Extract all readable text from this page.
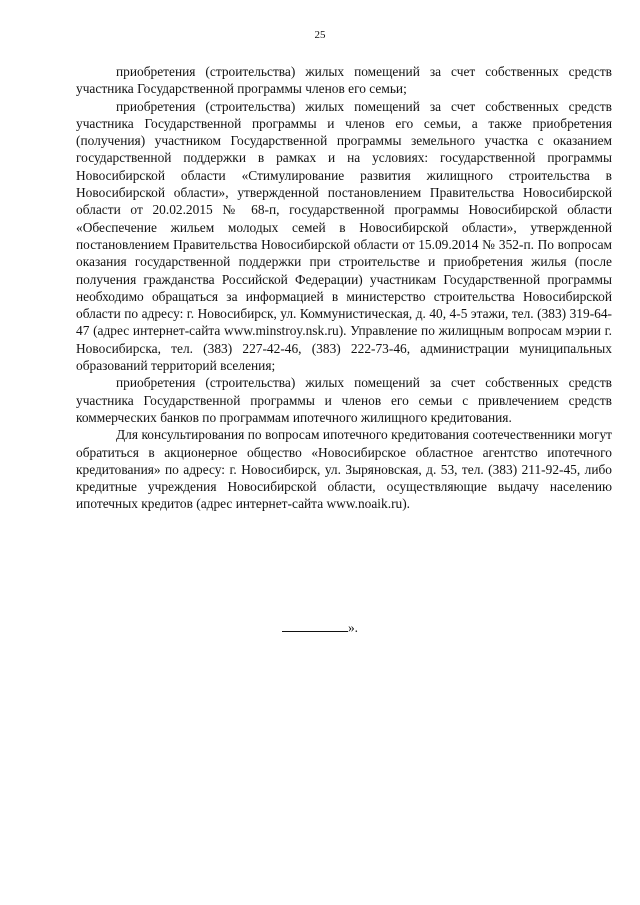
25

приобретения (строительства) жилых помещений за счет собственных средств участника Государственной программы членов его семьи;

приобретения (строительства) жилых помещений за счет собственных средств участника Государственной программы и членов его семьи, а также приобретения (получения) участником Государственной программы земельного участка с оказанием государственной поддержки в рамках и на условиях: государственной программы Новосибирской области «Стимулирование развития жилищного строительства в Новосибирской области», утвержденной постановлением Правительства Новосибирской области от 20.02.2015 № 68-п, государственной программы Новосибирской области «Обеспечение жильем молодых семей в Новосибирской области», утвержденной постановлением Правительства Новосибирской области от 15.09.2014 № 352-п. По вопросам оказания государственной поддержки при строительстве и приобретения жилья (после получения гражданства Российской Федерации) участникам Государственной программы необходимо обращаться за информацией в министерство строительства Новосибирской области по адресу: г. Новосибирск, ул. Коммунистическая, д. 40, 4-5 этажи, тел. (383) 319-64-47 (адрес интернет-сайта www.minstroy.nsk.ru). Управление по жилищным вопросам мэрии г. Новосибирска, тел. (383) 227-42-46, (383) 222-73-46, администрации муниципальных образований территорий вселения;

приобретения (строительства) жилых помещений за счет собственных средств участника Государственной программы и членов его семьи с привлечением средств коммерческих банков по программам ипотечного жилищного кредитования.

Для консультирования по вопросам ипотечного кредитования соотечественники могут обратиться в акционерное общество «Новосибирское областное агентство ипотечного кредитования» по адресу: г. Новосибирск, ул. Зыряновская, д. 53, тел. (383) 211-92-45, либо кредитные учреждения Новосибирской области, осуществляющие выдачу населению ипотечных кредитов (адрес интернет-сайта www.noaik.ru).

».
